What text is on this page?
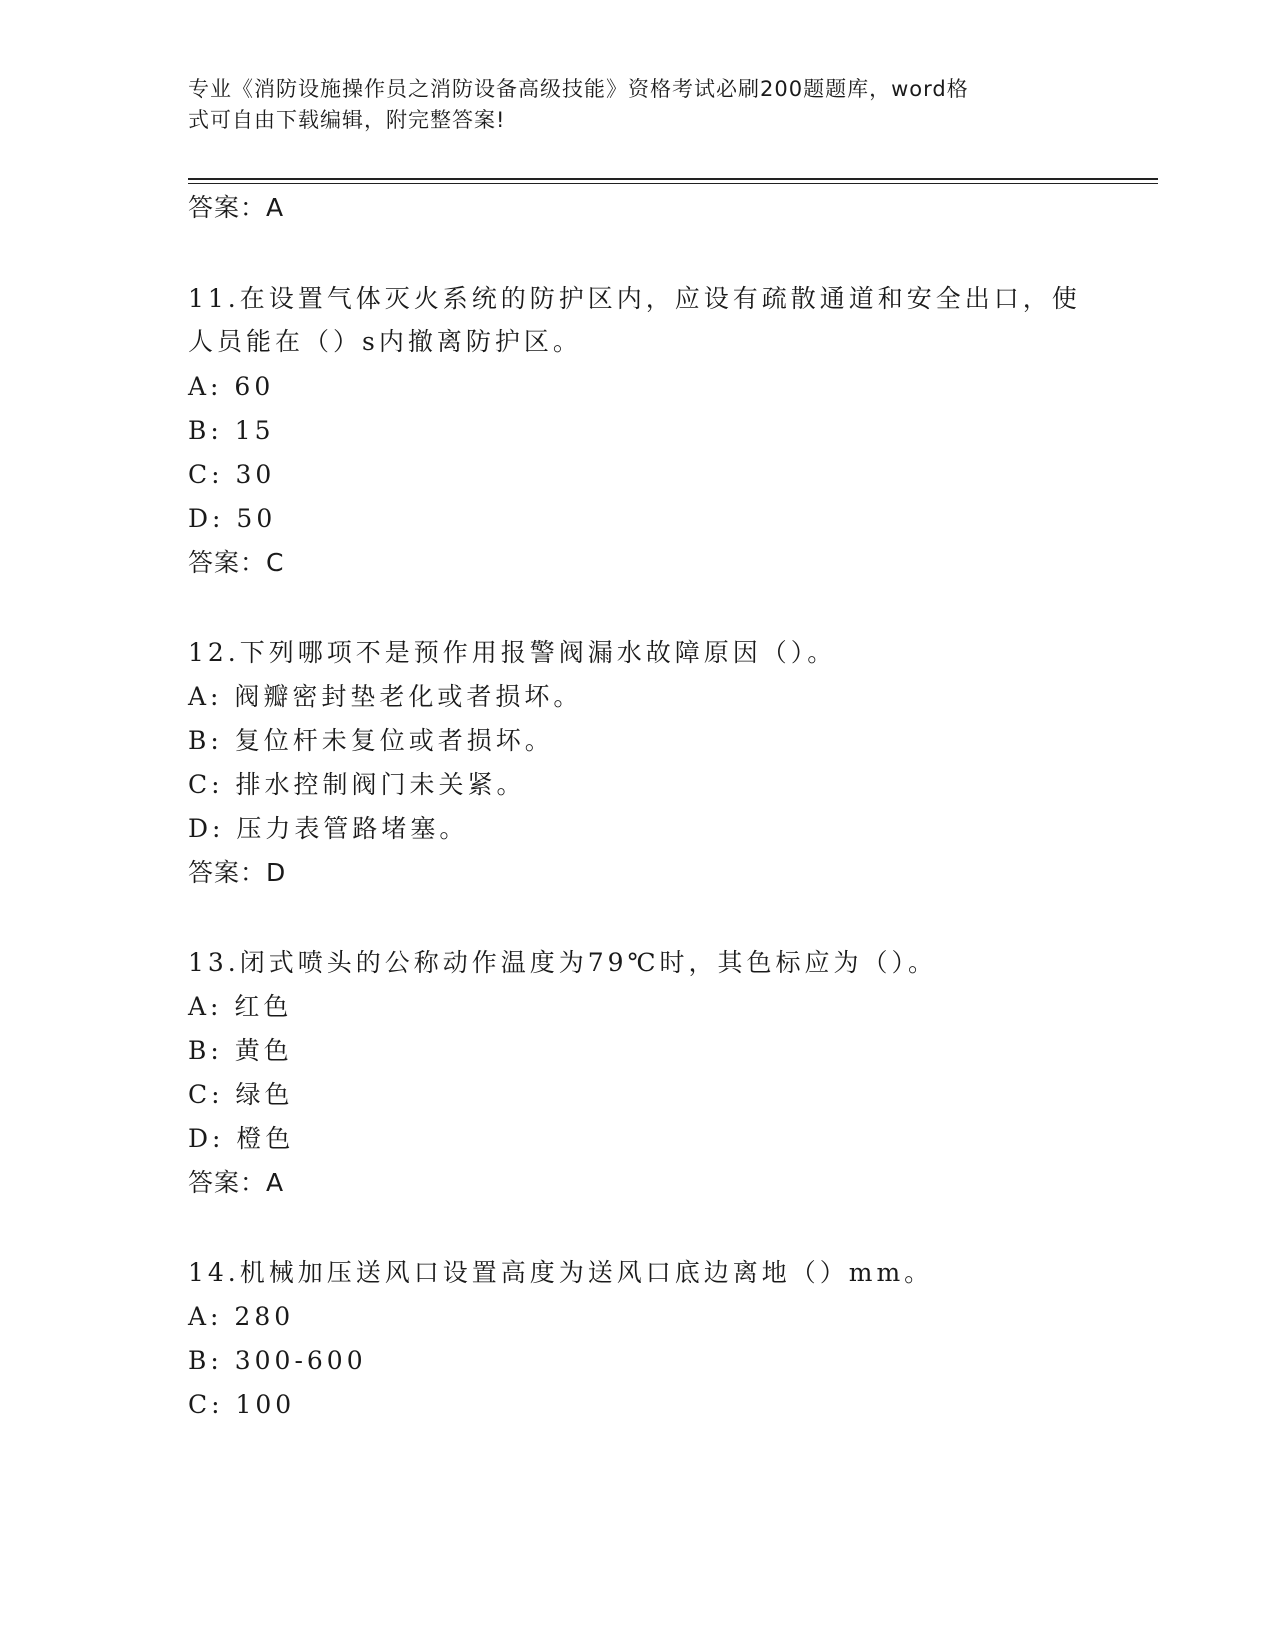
专业《消防设施操作员之消防设备高级技能》资格考试必刷200题题库，word格
式可自由下载编辑，附完整答案!
答案：A
11.在设置气体灭火系统的防护区内，应设有疏散通道和安全出口，使
人员能在（）s内撤离防护区。
A: 60
B: 15
C: 30
D: 50
答案：C
12.下列哪项不是预作用报警阀漏水故障原因（）。
A: 阀瓣密封垫老化或者损坏。
B: 复位杆未复位或者损坏。
C: 排水控制阀门未关紧。
D: 压力表管路堵塞。
答案：D
13.闭式喷头的公称动作温度为79℃时，其色标应为（）。
A: 红色
B: 黄色
C: 绿色
D: 橙色
答案：A
14.机械加压送风口设置高度为送风口底边离地（）mm。
A: 280
B: 300-600
C: 100
